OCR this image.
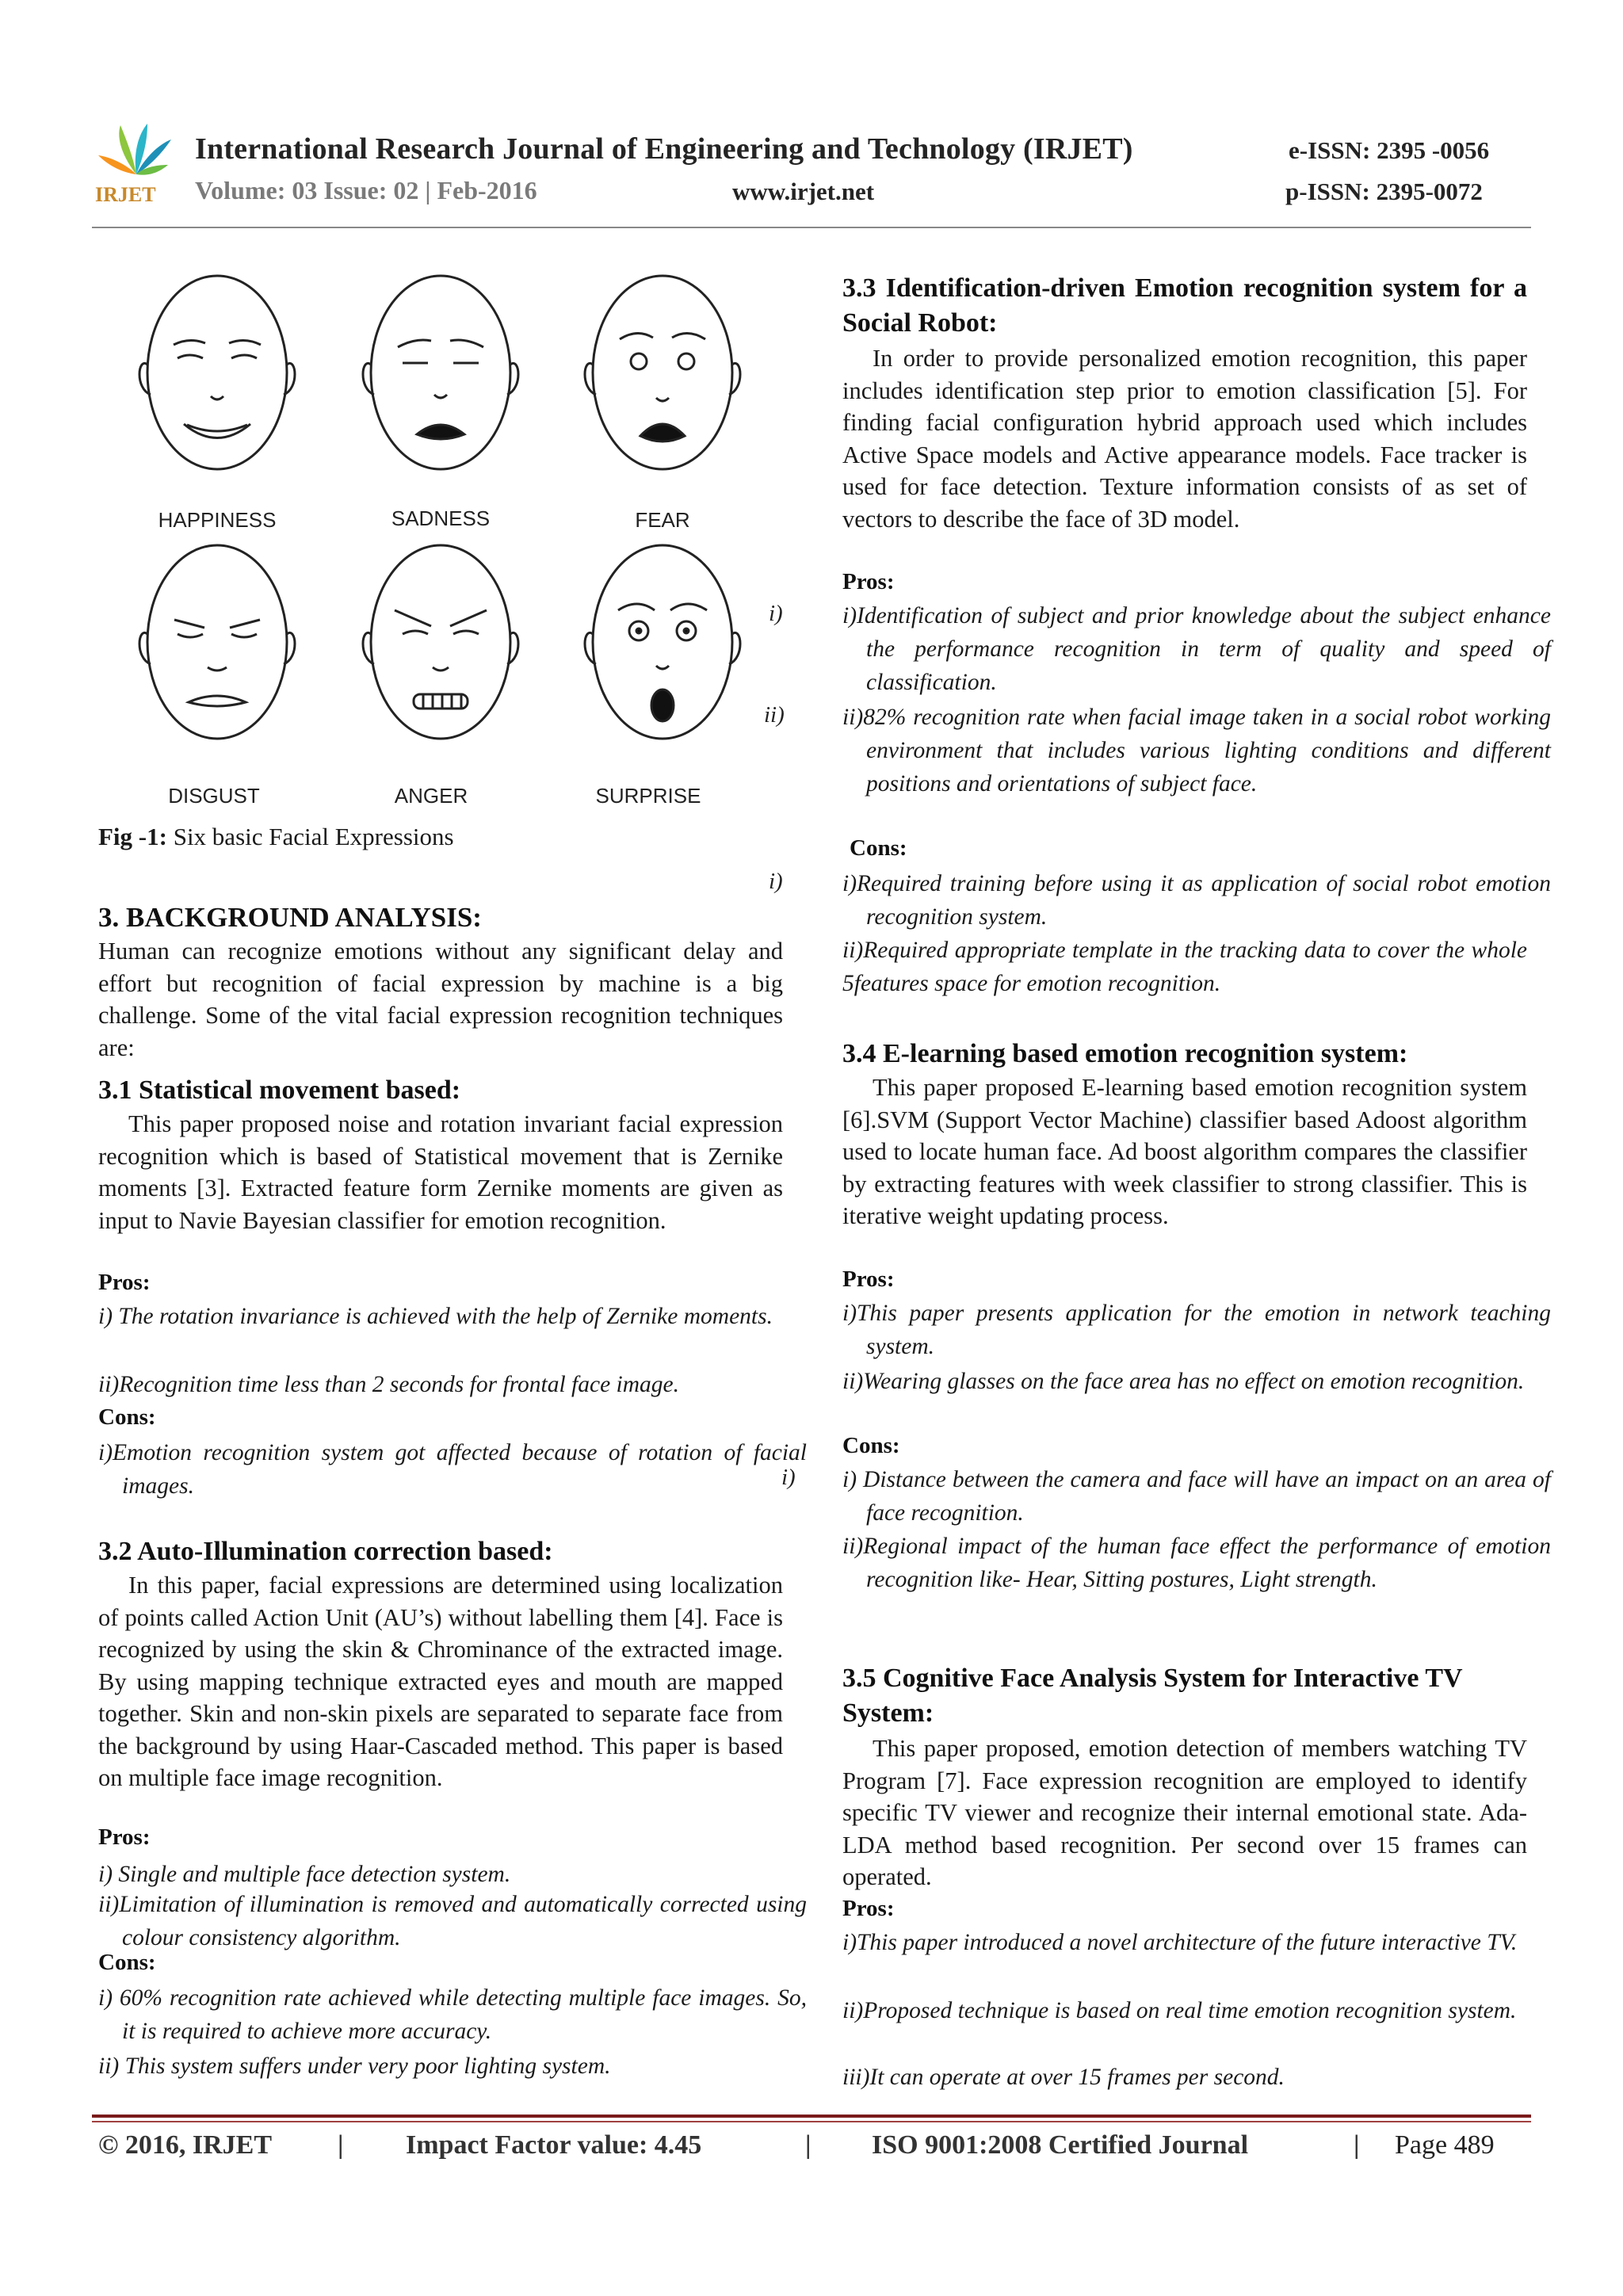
IRJET
International Research Journal of Engineering and Technology (IRJET)	e-ISSN: 2395 -0056
Volume: 03 Issue: 02 | Feb-2016	www.irjet.net	p-ISSN: 2395-0072
HAPPINESS	SADNESS	FEAR
DISGUST	ANGER	SURPRISE
Fig -1: Six basic Facial Expressions
3. BACKGROUND ANALYSIS:
Human can recognize emotions without any significant delay and effort but recognition of facial expression by machine is a big challenge. Some of the vital facial expression recognition techniques are:
3.1 Statistical movement based:
This paper proposed noise and rotation invariant facial expression recognition which is based of Statistical movement that is Zernike moments [3]. Extracted feature form Zernike moments are given as input to Navie Bayesian classifier for emotion recognition.
Pros:
i) The rotation invariance is achieved with the help of Zernike moments.
ii)Recognition time less than 2 seconds for frontal face image.
Cons:
i)Emotion recognition system got affected because of rotation of facial images.
3.2 Auto-Illumination correction based:
In this paper, facial expressions are determined using localization of points called Action Unit (AU’s) without labelling them [4]. Face is recognized by using the skin & Chrominance of the extracted image. By using mapping technique extracted eyes and mouth are mapped together. Skin and non-skin pixels are separated to separate face from the background by using Haar-Cascaded method. This paper is based on multiple face image recognition.
Pros:
i) Single and multiple face detection system.
ii)Limitation of illumination is removed and automatically corrected using colour consistency algorithm.
Cons:
i) 60% recognition rate achieved while detecting multiple face images. So, it is required to achieve more accuracy.
ii) This system suffers under very poor lighting system.
i)
ii)
i)
i)
3.3 Identification-driven Emotion recognition system for a Social Robot:
In order to provide personalized emotion recognition, this paper includes identification step prior to emotion classification [5]. For finding facial configuration hybrid approach used which includes Active Space models and Active appearance models. Face tracker is used for face detection. Texture information consists of as set of vectors to describe the face of 3D model.
Pros:
i)Identification of subject and prior knowledge about the subject enhance the performance recognition in term of quality and speed of classification.
ii)82% recognition rate when facial image taken in a social robot working environment that includes various lighting conditions and different positions and orientations of subject face.
Cons:
i)Required training before using it as application of social robot emotion recognition system.
ii)Required appropriate template in the tracking data to cover the whole 5features space for emotion recognition.
3.4 E-learning based emotion recognition system:
This paper proposed E-learning based emotion recognition system [6].SVM (Support Vector Machine) classifier based Adoost algorithm used to locate human face. Ad boost algorithm compares the classifier by extracting features with week classifier to strong classifier. This is iterative weight updating process.
Pros:
i)This paper presents application for the emotion in network teaching system.
ii)Wearing glasses on the face area has no effect on emotion recognition.
Cons:
i) Distance between the camera and face will have an impact on an area of face recognition.
ii)Regional impact of the human face effect the performance of emotion recognition like- Hear, Sitting postures, Light strength.
3.5 Cognitive Face Analysis System for Interactive TV System:
This paper proposed, emotion detection of members watching TV Program [7]. Face expression recognition are employed to identify specific TV viewer and recognize their internal emotional state. Ada-LDA method based recognition. Per second over 15 frames can operated.
Pros:
i)This paper introduced a novel architecture of the future interactive TV.
ii)Proposed technique is based on real time emotion recognition system.
iii)It can operate at over 15 frames per second.
© 2016, IRJET | Impact Factor value: 4.45	| ISO 9001:2008 Certified Journal	| Page 489
